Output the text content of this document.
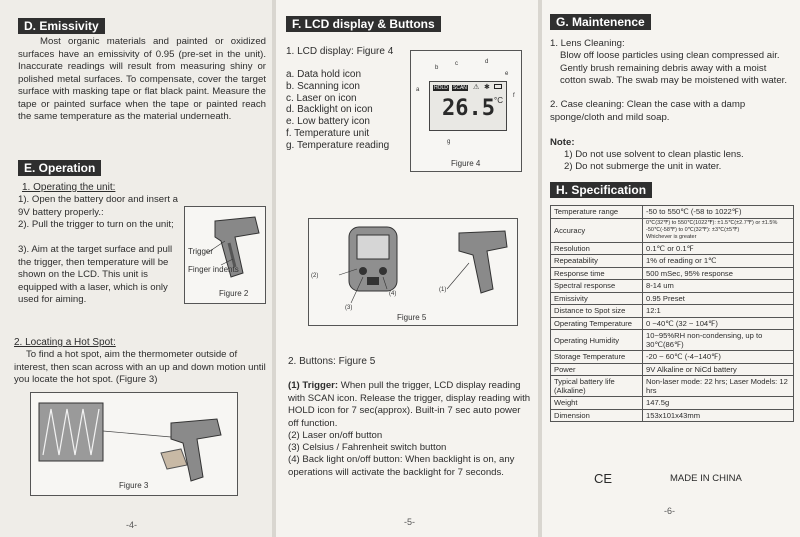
D. Emissivity
Most organic materials and painted or oxidized surfaces have an emissivity of 0.95 (pre-set in the unit). Inaccurate readings will result from measuring shiny or polished metal surfaces. To compensate, cover the target surface with masking tape or flat black paint. Measure the tape or painted surface when the tape or painted reach the same temperature as the material underneath.
E. Operation
1. Operating the unit:
1). Open the battery door and insert a 9V battery properly.:
2). Pull the trigger to turn on the unit;
3). Aim at the target surface and pull the trigger, then temperature will be shown on the LCD. This unit is equipped with a laser, which is only used for aiming.
Trigger
Finger indents
Figure 2
2. Locating a Hot Spot:
To find a hot spot, aim the thermometer outside of interest, then scan across with an up and down motion until you locate the hot spot. (Figure 3)
Figure 3
-4-
F. LCD display & Buttons
1. LCD display: Figure 4
a. Data hold icon
b. Scanning icon
c. Laser on icon
d. Backlight on icon
e. Low battery icon
f. Temperature unit
g. Temperature reading
HOLD SCAN ⚠ ✱
26.5 °C
a
b
c	d
e
f
g
Figure 4
(1)
(2)
(3)
(4)
Figure 5
2. Buttons: Figure 5
(1) Trigger: When pull the trigger, LCD display reading with SCAN icon. Release the trigger, display reading with HOLD icon for 7 sec(approx). Built-in 7 sec auto power off function.
(2) Laser on/off button
(3) Celsius / Fahrenheit switch button
(4) Back light on/off button: When backlight is on, any operations will activate the backlight for 7 seconds.
-5-
G. Maintenence
1. Lens Cleaning:
Blow off loose particles using clean compressed air. Gently brush remaining debris away with a moist cotton swab. The swab may be moistened with water.
2. Case cleaning: Clean the case with a damp sponge/cloth and mild soap.
Note:
1) Do not use solvent to clean plastic lens.
2) Do not submerge the unit in water.
H. Specification
Temperature range	-50 to 550℃ (-58 to 1022℉)
Accuracy	0℃(32℉) to 550℃(1022℉): ±1.5℃(±2.7℉) or ±1.5%
-50℃(-58℉) to 0℃(32℉): ±3℃(±5℉)
Whichever is greater
Resolution	0.1℃ or 0.1℉
Repeatability	1% of reading or 1℃
Response time	500 mSec, 95% response
Spectral response	8-14 um
Emissivity	0.95 Preset
Distance to Spot size	12:1
Operating Temperature	0 ~40℃ (32 ~ 104℉)
Operating Humidity	10~95%RH non-condensing, up to 30℃(86℉)
Storage Temperature	-20 ~ 60℃ (-4~140℉)
Power	9V Alkaline or NiCd battery
Typical battery life (Alkaline)	Non-laser mode: 22 hrs; Laser Models: 12 hrs
Weight	147.5g
Dimension	153x101x43mm
CE	MADE IN CHINA
-6-
